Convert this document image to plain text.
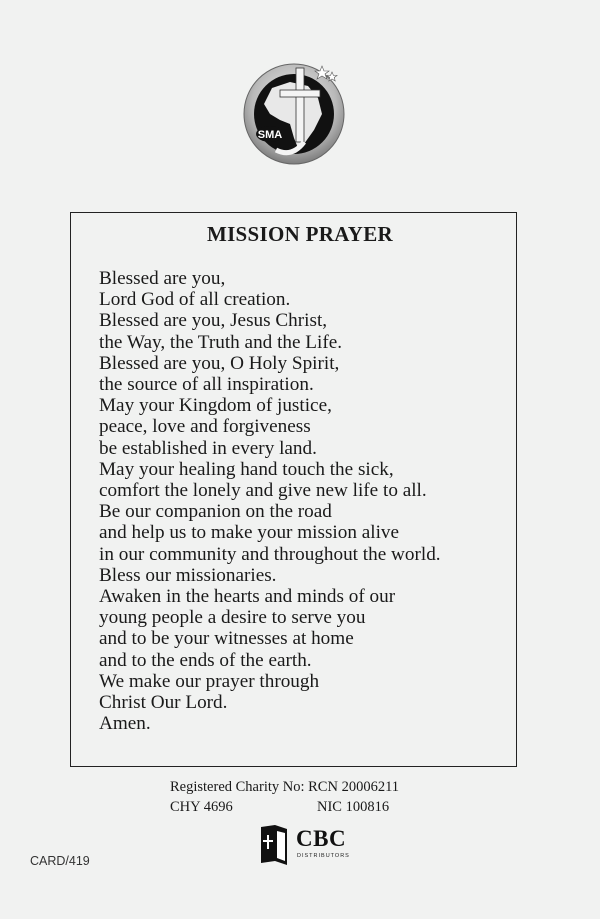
SMA
MISSION PRAYER
Blessed are you,
Lord God of all creation.
Blessed are you, Jesus Christ,
the Way, the Truth and the Life.
Blessed are you, O Holy Spirit,
the source of all inspiration.
May your Kingdom of justice,
peace, love and forgiveness
be established in every land.
May your healing hand touch the sick,
comfort the lonely and give new life to all.
Be our companion on the road
and help us to make your mission alive
in our community and throughout the world.
Bless our missionaries.
Awaken in the hearts and minds of our
young people a desire to serve you
and to be your witnesses at home
and to the ends of the earth.
We make our prayer through
Christ Our Lord.
Amen.
Registered Charity No: RCN 20006211
CHY 4696	NIC 100816
CARD/419
CBC
DISTRIBUTORS
